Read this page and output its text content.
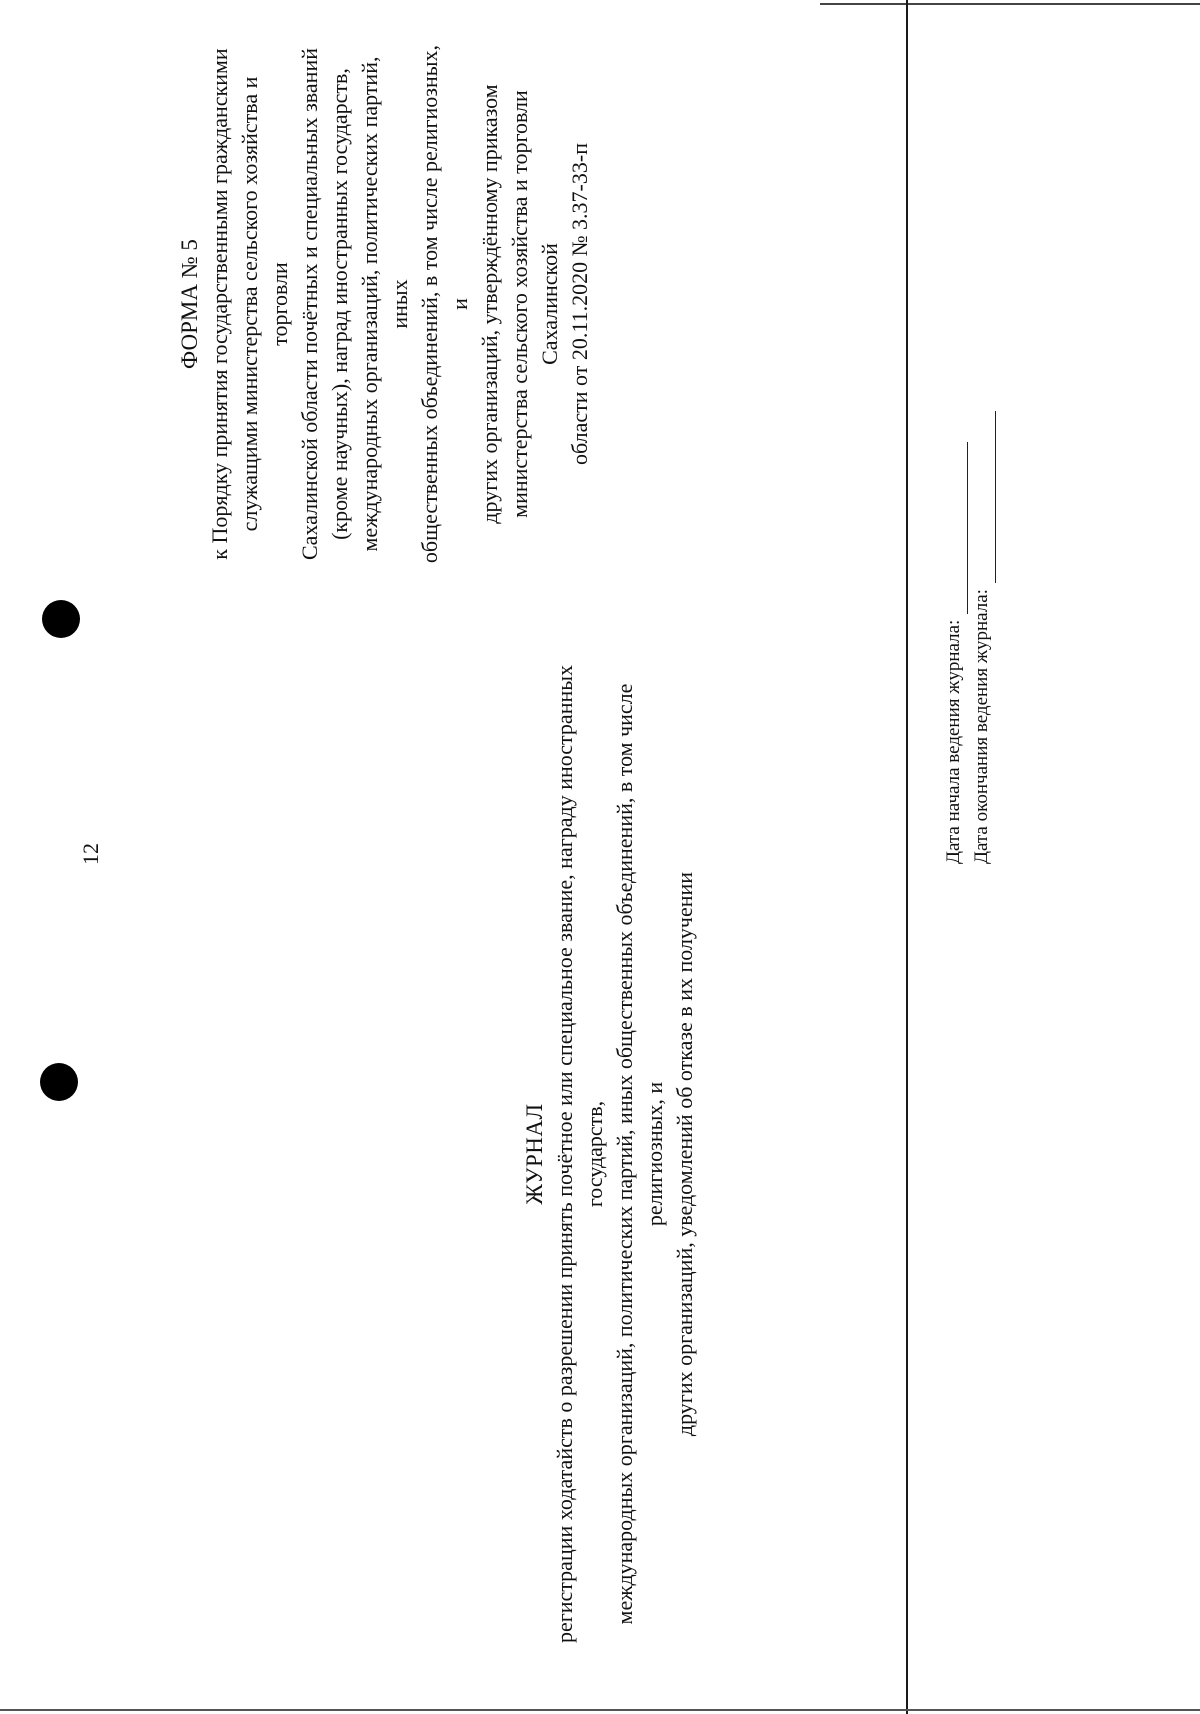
12
ФОРМА № 5 к Порядку принятия государственными гражданскими служащими министерства сельского хозяйства и торговли Сахалинской области почётных и специальных званий (кроме научных), наград иностранных государств, международных организаций, политических партий, иных общественных объединений, в том числе религиозных, и других организаций, утверждённому приказом министерства сельского хозяйства и торговли Сахалинской области от 20.11.2020 № 3.37-33-п
ЖУРНАЛ регистрации ходатайств о разрешении принять почётное или специальное звание, награду иностранных государств, международных организаций, политических партий, иных общественных объединений, в том числе религиозных, и других организаций, уведомлений об отказе в их получении
Дата начала ведения журнала: Дата окончания ведения журнала:
